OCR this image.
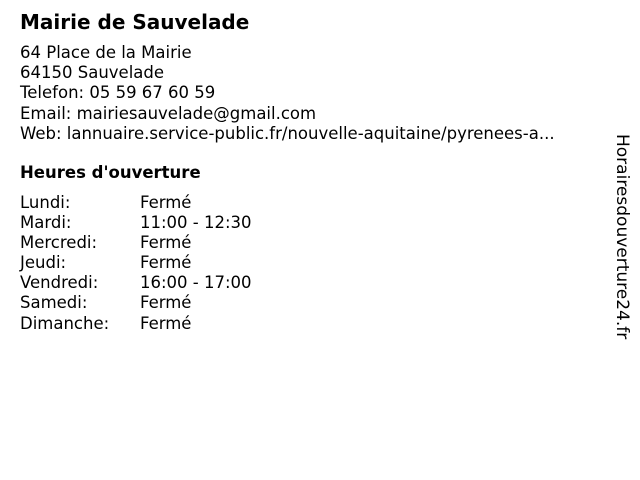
Mairie de Sauvelade
64 Place de la Mairie
64150 Sauvelade
Telefon: 05 59 67 60 59
Email: mairiesauvelade@gmail.com
Web: lannuaire.service-public.fr/nouvelle-aquitaine/pyrenees-a...
Heures d'ouverture
Lundi:	Fermé
Mardi:	11:00 - 12:30
Mercredi:	Fermé
Jeudi:	Fermé
Vendredi:	16:00 - 17:00
Samedi:	Fermé
Dimanche: Fermé	Horairesdouverture24.fr
